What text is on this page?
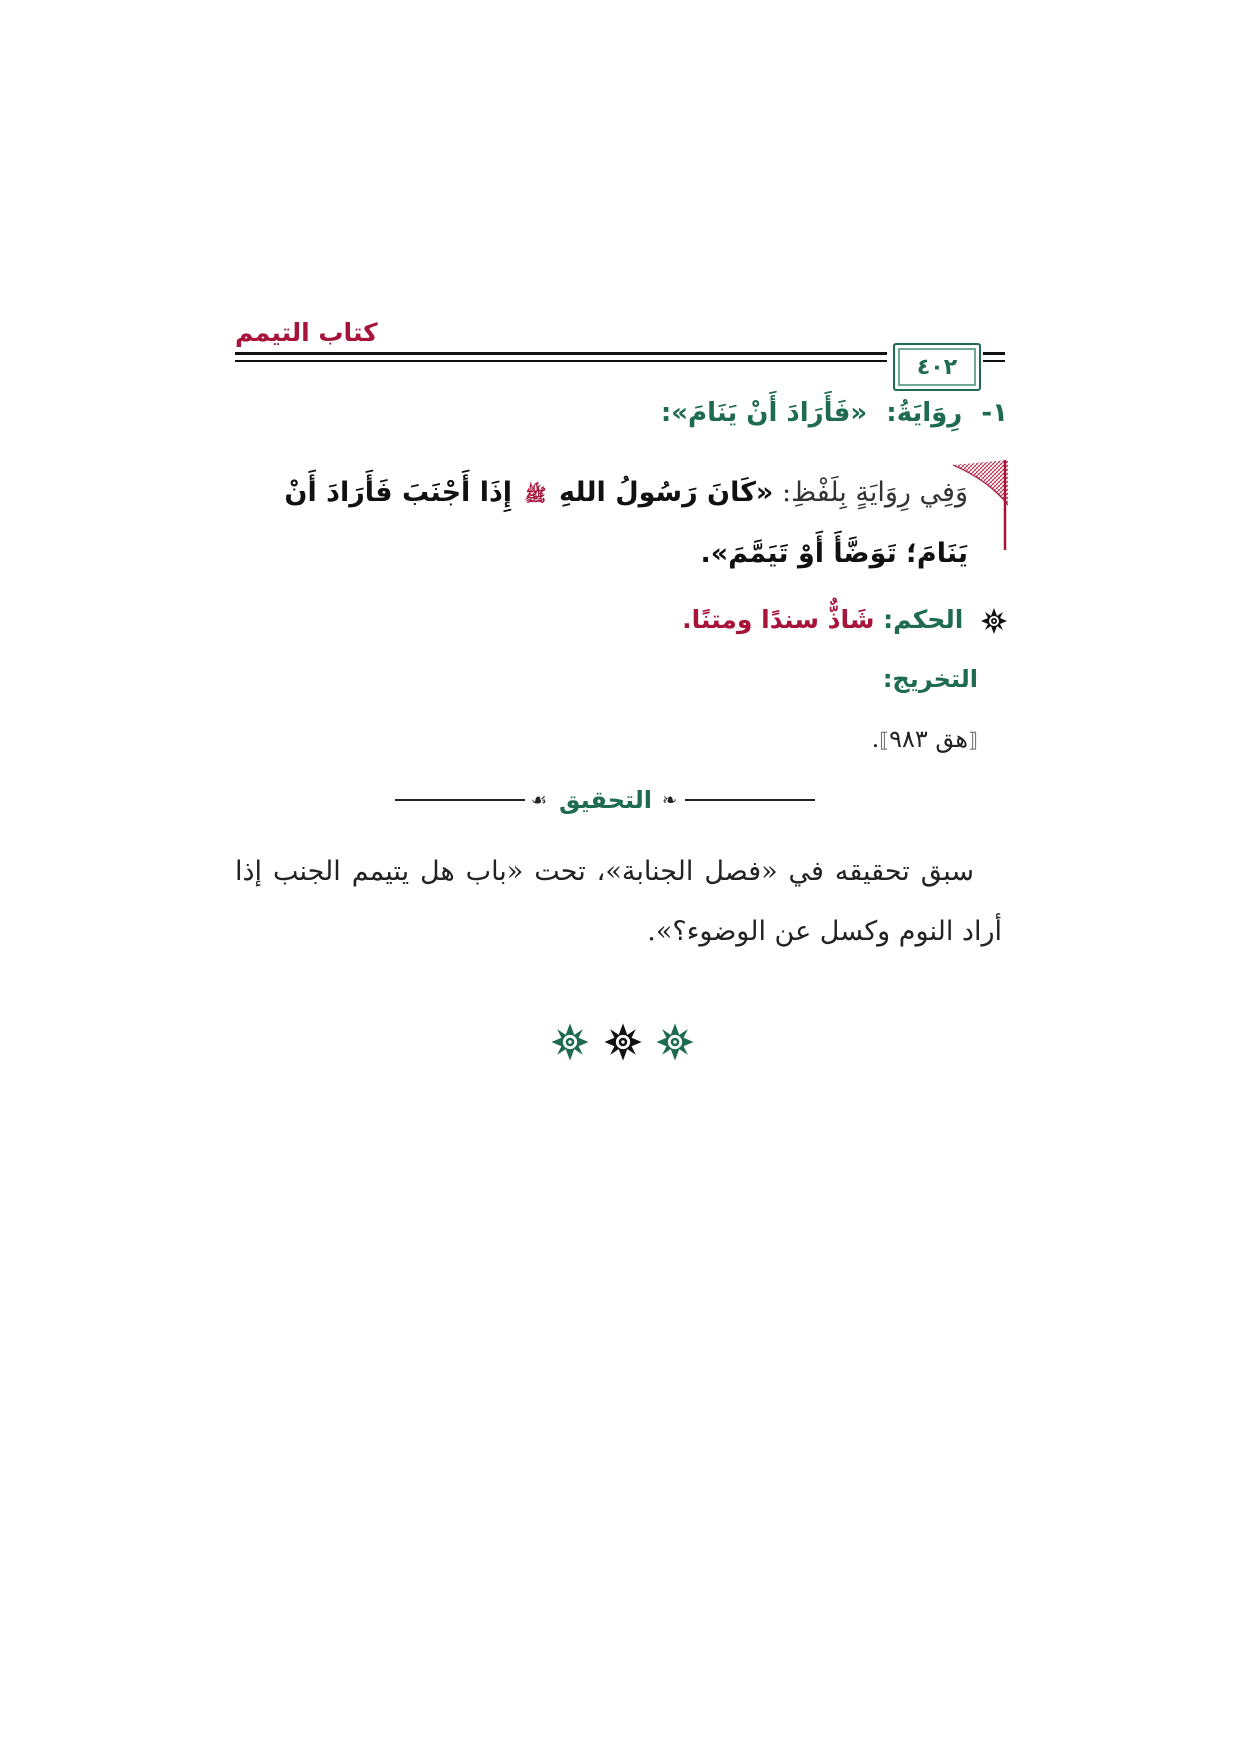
كتاب التيمم
٤٠٢
١- رِوَايَةُ: «فَأَرَادَ أَنْ يَنَامَ»:
وَفِي رِوَايَةٍ بِلَفْظِ: «كَانَ رَسُولُ اللهِ ﷺ إِذَا أَجْنَبَ فَأَرَادَ أَنْ يَنَامَ؛ تَوَضَّأَ أَوْ تَيَمَّمَ».
الحكم: شَاذٌّ سندًا ومتنًا.
التخريج:
⟦هق ٩٨٣⟧.
❧
التحقيق
☙
سبق تحقيقه في «فصل الجنابة»، تحت «باب هل يتيمم الجنب إذا أراد النوم وكسل عن الوضوء؟».
